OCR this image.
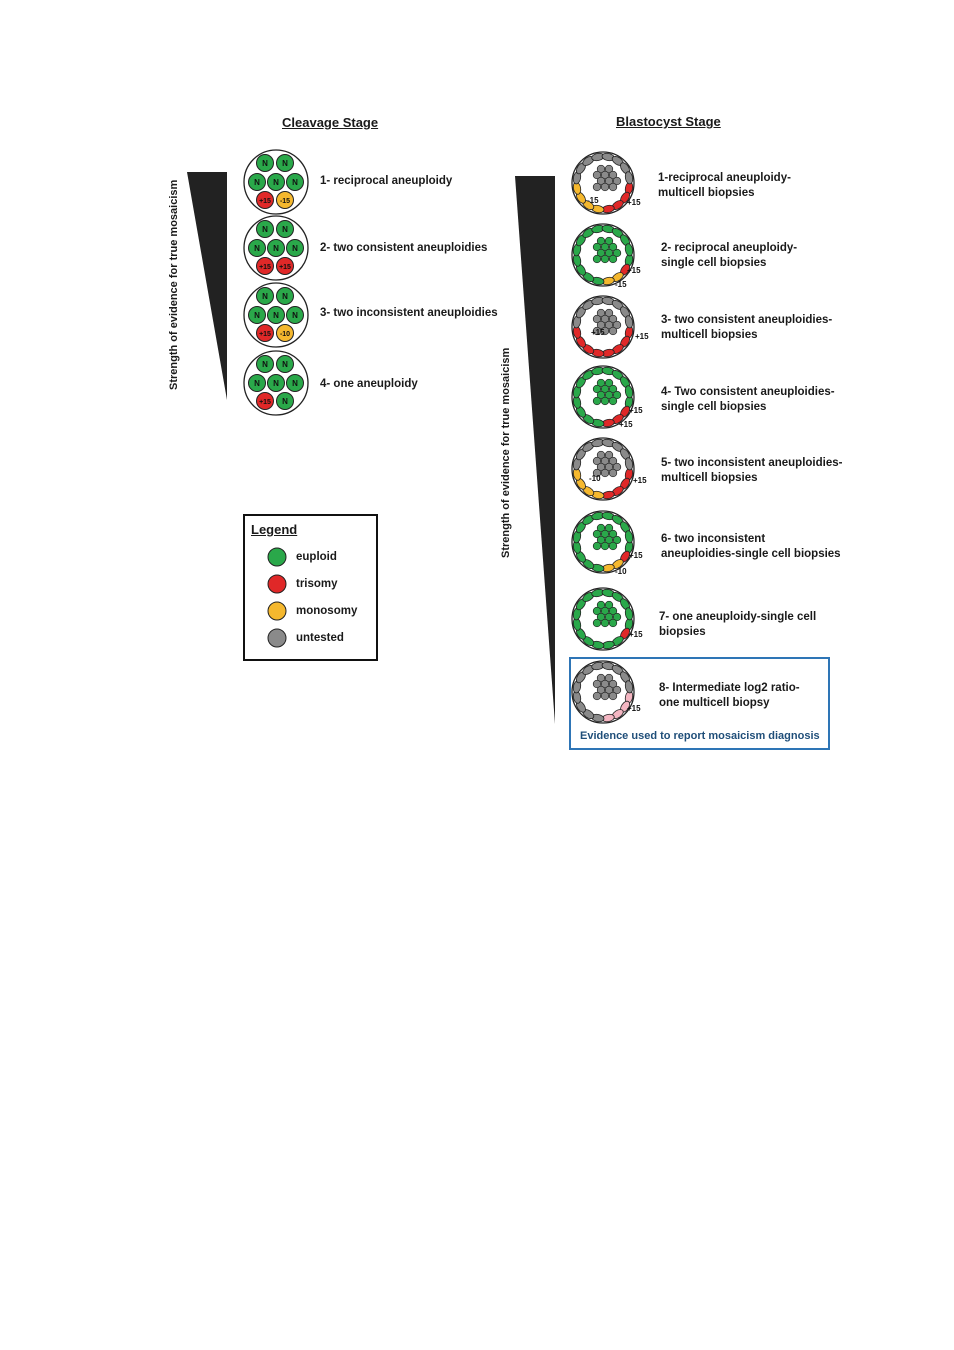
Cleavage Stage	Blastocyst Stage
Strength of evidence for true mosaicism
Strength of evidence for true mosaicism
N N
N N N
+15 -15
N N
N N N
+15 +15
N N
N N N
+15 -10
N N
N N N
+15 N
1- reciprocal aneuploidy
2- two consistent aneuploidies
3- two inconsistent aneuploidies
4- one aneuploidy
Legend
euploid
trisomy
monosomy
untested
-15	+15
+15
-15
+15	+15
+15
+15
-10	+15
+15
-10
+15
+15
1-reciprocal aneuploidy-
multicell biopsies
2- reciprocal aneuploidy-
single cell biopsies
3- two consistent aneuploidies-
multicell biopsies
4- Two consistent aneuploidies-
single cell biopsies
5- two inconsistent aneuploidies-
multicell biopsies
6- two inconsistent
aneuploidies-single cell biopsies
7- one aneuploidy-single cell
biopsies
8- Intermediate log2 ratio-
one multicell biopsy
Evidence used to report mosaicism diagnosis
